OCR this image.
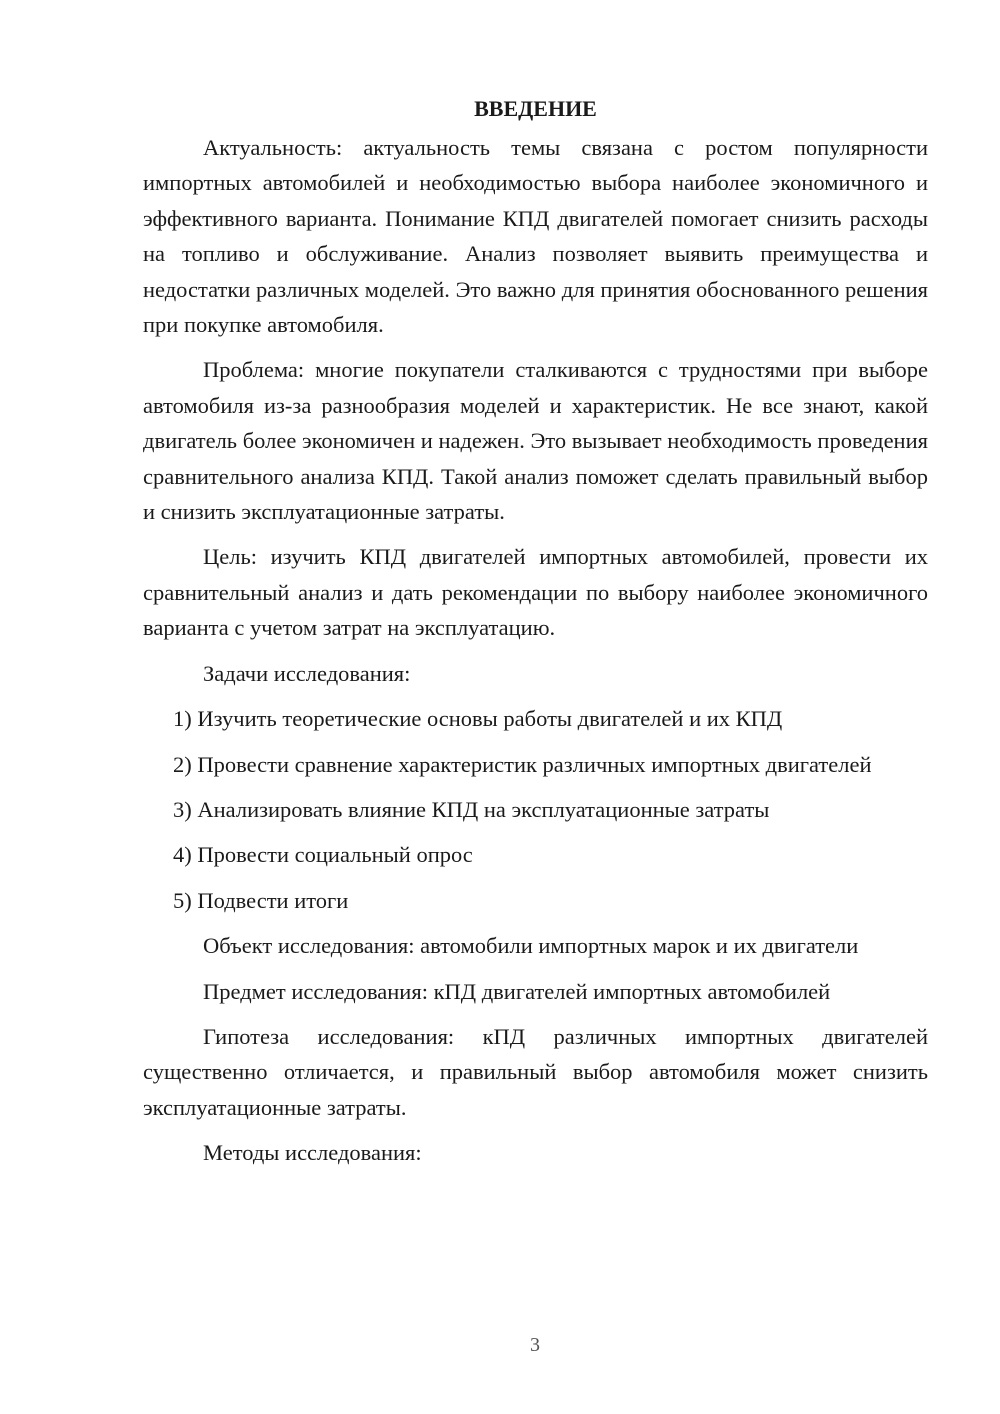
ВВЕДЕНИЕ

Актуальность: актуальность темы связана с ростом популярности импортных автомобилей и необходимостью выбора наиболее экономичного и эффективного варианта. Понимание КПД двигателей помогает снизить расходы на топливо и обслуживание. Анализ позволяет выявить преимущества и недостатки различных моделей. Это важно для принятия обоснованного решения при покупке автомобиля.

Проблема: многие покупатели сталкиваются с трудностями при выборе автомобиля из-за разнообразия моделей и характеристик. Не все знают, какой двигатель более экономичен и надежен. Это вызывает необходимость проведения сравнительного анализа КПД. Такой анализ поможет сделать правильный выбор и снизить эксплуатационные затраты.

Цель: изучить КПД двигателей импортных автомобилей, провести их сравнительный анализ и дать рекомендации по выбору наиболее экономичного варианта с учетом затрат на эксплуатацию.

Задачи исследования:

1) Изучить теоретические основы работы двигателей и их КПД

2) Провести сравнение характеристик различных импортных двигателей

3) Анализировать влияние КПД на эксплуатационные затраты

4) Провести социальный опрос

5) Подвести итоги

Объект исследования: автомобили импортных марок и их двигатели

Предмет исследования: кПД двигателей импортных автомобилей

Гипотеза исследования: кПД различных импортных двигателей существенно отличается, и правильный выбор автомобиля может снизить эксплуатационные затраты.

Методы исследования:

3
